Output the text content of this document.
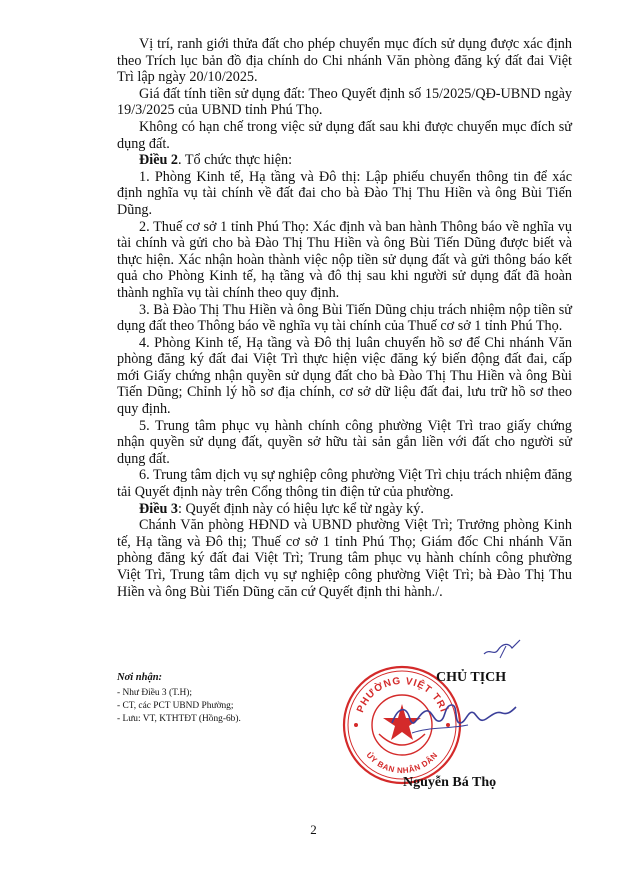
Vị trí, ranh giới thửa đất cho phép chuyển mục đích sử dụng được xác định theo Trích lục bản đồ địa chính do Chi nhánh Văn phòng đăng ký đất đai Việt Trì lập ngày 20/10/2025.

Giá đất tính tiền sử dụng đất: Theo Quyết định số 15/2025/QĐ-UBND ngày 19/3/2025 của UBND tỉnh Phú Thọ.

Không có hạn chế trong việc sử dụng đất sau khi được chuyển mục đích sử dụng đất.

Điều 2. Tổ chức thực hiện:

1. Phòng Kinh tế, Hạ tầng và Đô thị: Lập phiếu chuyển thông tin để xác định nghĩa vụ tài chính về đất đai cho bà Đào Thị Thu Hiền và ông Bùi Tiến Dũng.

2. Thuế cơ sở 1 tỉnh Phú Thọ: Xác định và ban hành Thông báo về nghĩa vụ tài chính và gửi cho bà Đào Thị Thu Hiền và ông Bùi Tiến Dũng được biết và thực hiện. Xác nhận hoàn thành việc nộp tiền sử dụng đất và gửi thông báo kết quả cho Phòng Kinh tế, hạ tầng và đô thị sau khi người sử dụng đất đã hoàn thành nghĩa vụ tài chính theo quy định.

3. Bà Đào Thị Thu Hiền và ông Bùi Tiến Dũng chịu trách nhiệm nộp tiền sử dụng đất theo Thông báo về nghĩa vụ tài chính của Thuế cơ sở 1 tỉnh Phú Thọ.

4. Phòng Kinh tế, Hạ tầng và Đô thị luân chuyển hồ sơ để Chi nhánh Văn phòng đăng ký đất đai Việt Trì thực hiện việc đăng ký biến động đất đai, cấp mới Giấy chứng nhận quyền sử dụng đất cho bà Đào Thị Thu Hiền và ông Bùi Tiến Dũng; Chỉnh lý hồ sơ địa chính, cơ sở dữ liệu đất đai, lưu trữ hồ sơ theo quy định.

5. Trung tâm phục vụ hành chính công phường Việt Trì trao giấy chứng nhận quyền sử dụng đất, quyền sở hữu tài sản gắn liền với đất cho người sử dụng đất.

6. Trung tâm dịch vụ sự nghiệp công phường Việt Trì chịu trách nhiệm đăng tải Quyết định này trên Cổng thông tin điện tử của phường.

Điều 3: Quyết định này có hiệu lực kể từ ngày ký.

Chánh Văn phòng HĐND và UBND phường Việt Trì; Trưởng phòng Kinh tế, Hạ tầng và Đô thị; Thuế cơ sở 1 tỉnh Phú Thọ; Giám đốc Chi nhánh Văn phòng đăng ký đất đai Việt Trì; Trung tâm phục vụ hành chính công phường Việt Trì, Trung tâm dịch vụ sự nghiệp công phường Việt Trì; bà Đào Thị Thu Hiền và ông Bùi Tiến Dũng căn cứ Quyết định thi hành./.

Nơi nhận:
- Như Điều 3 (T.H);
- CT, các PCT UBND Phường;
- Lưu: VT, KTHTĐT (Hồng-6b).
PHƯỜNG VIỆT TRÌ
ỦY BAN NHÂN DÂN
CHỦ TỊCH
Nguyễn Bá Thọ
2
